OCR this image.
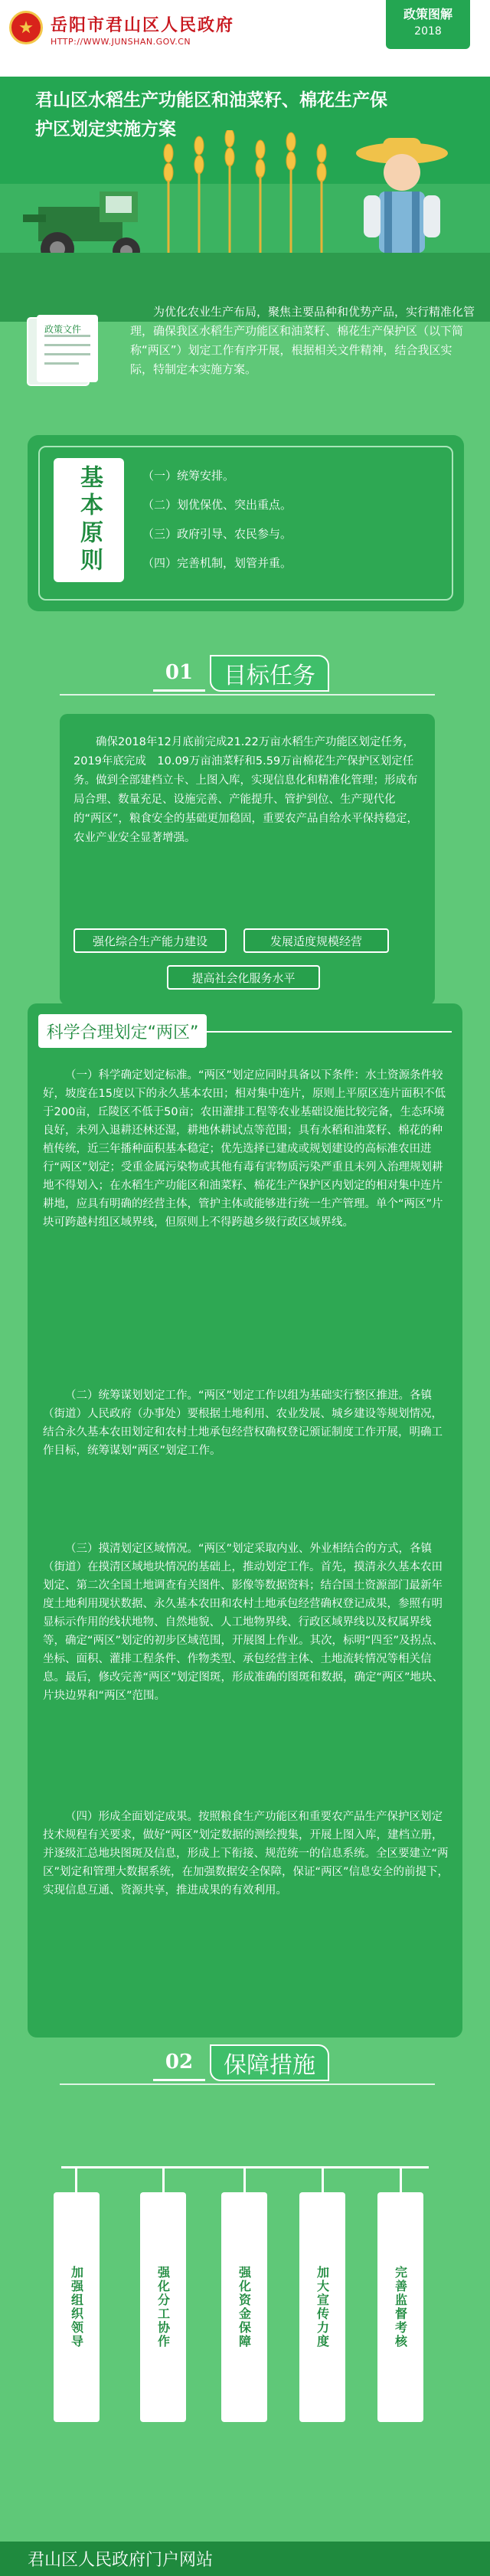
岳阳市君山区人民政府
HTTP://WWW.JUNSHAN.GOV.CN
政策图解
2018
君山区水稻生产功能区和油菜籽、棉花生产保护区划定实施方案
政策文件
为优化农业生产布局，聚焦主要品种和优势产品，实行精准化管理，确保我区水稻生产功能区和油菜籽、棉花生产保护区（以下简称“两区”）划定工作有序开展，根据相关文件精神，结合我区实际，特制定本实施方案。
基本原则	（一）统筹安排。
（二）划优保优、突出重点。
（三）政府引导、农民参与。
（四）完善机制，划管并重。
01	目标任务
确保2018年12月底前完成21.22万亩水稻生产功能区划定任务，2019年底完成　10.09万亩油菜籽和5.59万亩棉花生产保护区划定任务。做到全部建档立卡、上图入库，实现信息化和精准化管理；形成布局合理、数量充足、设施完善、产能提升、管护到位、生产现代化的“两区”，粮食安全的基础更加稳固，重要农产品自给水平保持稳定，农业产业安全显著增强。
强化综合生产能力建设	发展适度规模经营
提高社会化服务水平
科学合理划定“两区”

（一）科学确定划定标准。“两区”划定应同时具备以下条件：水土资源条件较好，坡度在15度以下的永久基本农田；相对集中连片，原则上平原区连片面积不低于200亩，丘陵区不低于50亩；农田灌排工程等农业基础设施比较完备，生态环境良好，未列入退耕还林还湿，耕地休耕试点等范围；具有水稻和油菜籽、棉花的种植传统，近三年播种面积基本稳定；优先选择已建成或规划建设的高标准农田进行“两区”划定；受重金属污染物或其他有毒有害物质污染严重且未列入治理规划耕地不得划入；在水稻生产功能区和油菜籽、棉花生产保护区内划定的相对集中连片耕地，应具有明确的经营主体，管护主体或能够进行统一生产管理。单个“两区”片块可跨越村组区域界线，但原则上不得跨越乡级行政区域界线。

（二）统筹谋划划定工作。“两区”划定工作以组为基础实行整区推进。各镇（街道）人民政府（办事处）要根据土地利用、农业发展、城乡建设等规划情况，结合永久基本农田划定和农村土地承包经营权确权登记颁证制度工作开展，明确工作目标，统筹谋划“两区”划定工作。

（三）摸清划定区域情况。“两区”划定采取内业、外业相结合的方式，各镇（街道）在摸清区域地块情况的基础上，推动划定工作。首先，摸清永久基本农田划定、第二次全国土地调查有关图件、影像等数据资料；结合国土资源部门最新年度土地利用现状数据、永久基本农田和农村土地承包经营确权登记成果，参照有明显标示作用的线状地物、自然地貌、人工地物界线、行政区域界线以及权属界线等，确定“两区”划定的初步区域范围，开展图上作业。其次，标明“四至”及拐点、坐标、面积、灌排工程条件、作物类型、承包经营主体、土地流转情况等相关信息。最后，修改完善“两区”划定图斑，形成准确的图斑和数据，确定“两区”地块、片块边界和“两区”范围。

（四）形成全面划定成果。按照粮食生产功能区和重要农产品生产保护区划定技术规程有关要求，做好“两区”划定数据的测绘搜集，开展上图入库，建档立册，并逐级汇总地块图斑及信息，形成上下衔接、规范统一的信息系统。全区要建立“两区”划定和管理大数据系统，在加强数据安全保障，保证“两区”信息安全的前提下，实现信息互通、资源共享，推进成果的有效利用。

02	保障措施
加强组织领导	强化分工协作	强化资金保障	加大宣传力度	完善监督考核
君山区人民政府门户网站
